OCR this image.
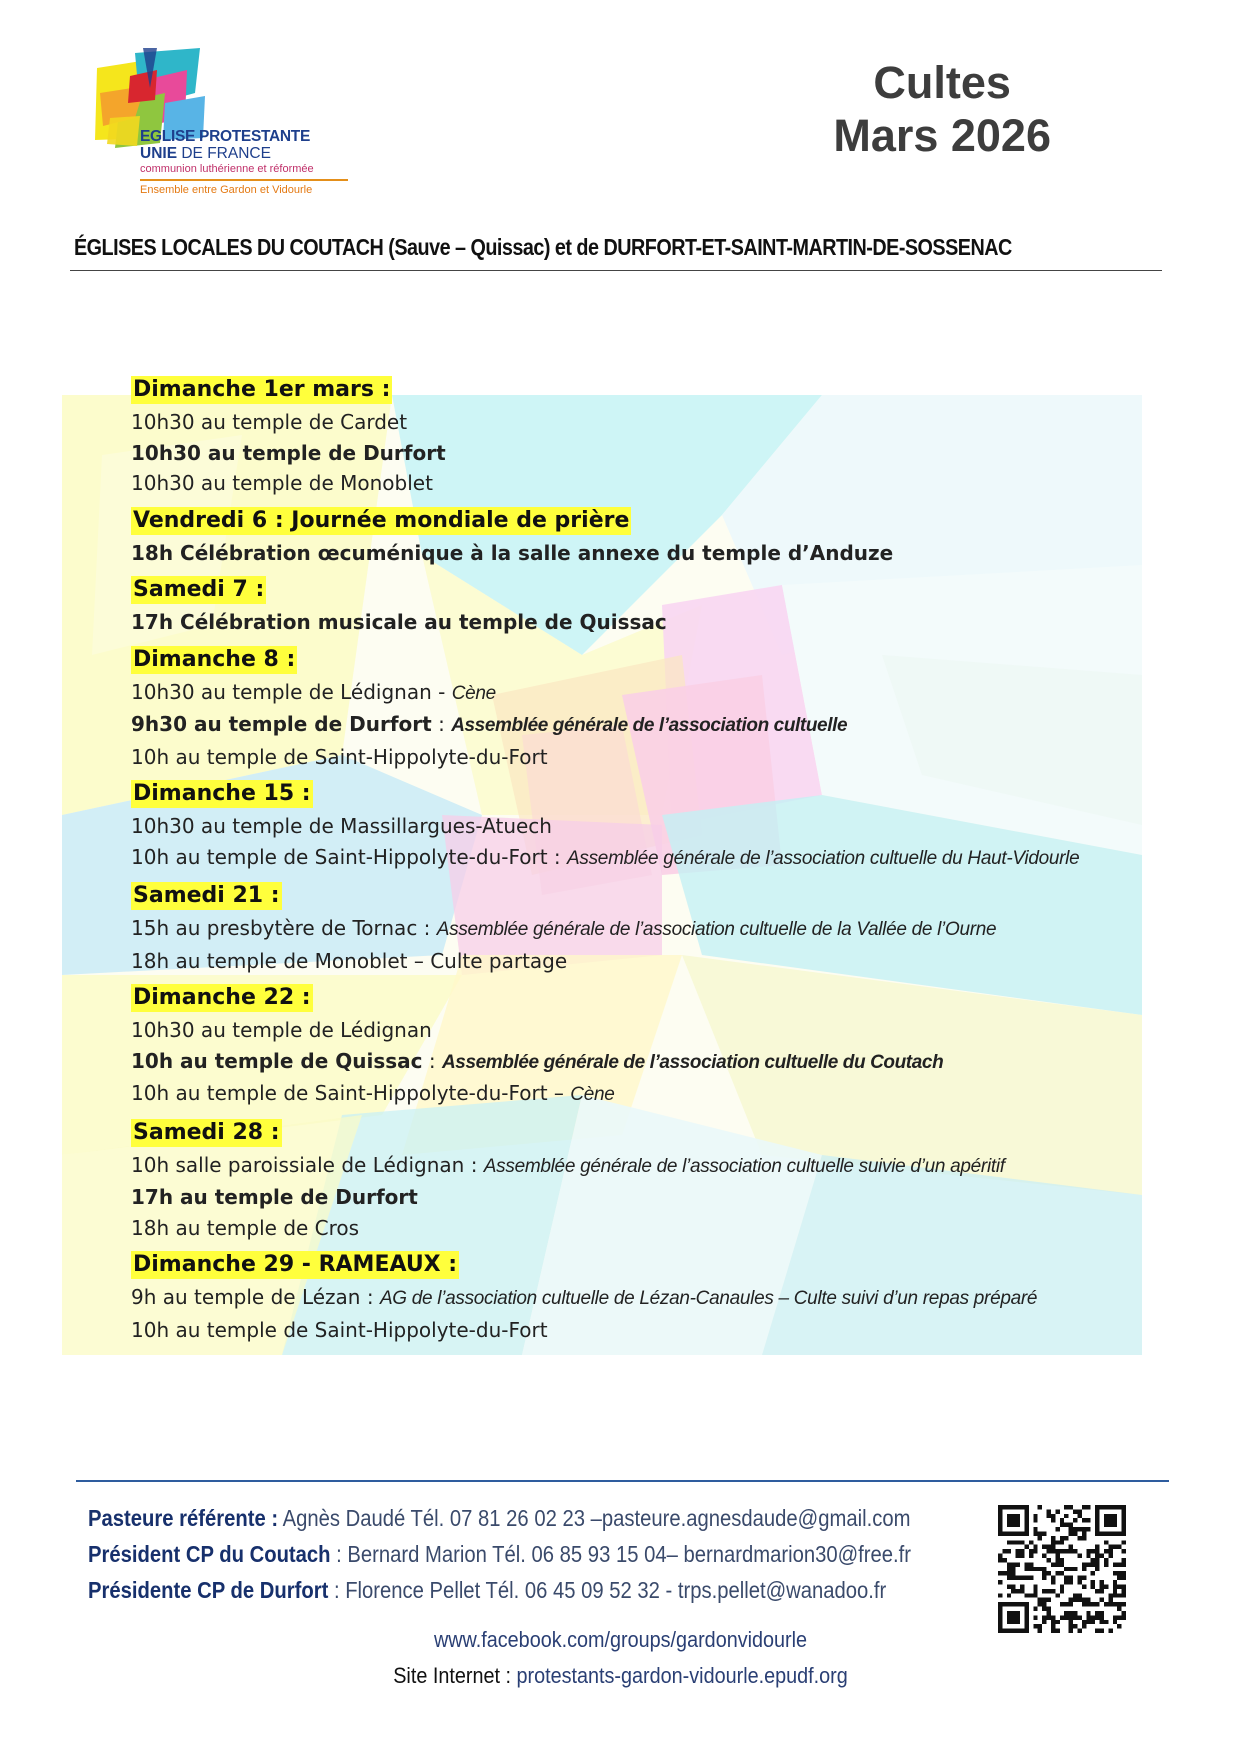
EGLISE PROTESTANTE
UNIE DE FRANCE
communion luthérienne et réformée
Ensemble entre Gardon et Vidourle
Cultes
Mars 2026
ÉGLISES LOCALES DU COUTACH (Sauve – Quissac) et de DURFORT-ET-SAINT-MARTIN-DE-SOSSENAC
Dimanche 1er mars :
10h30 au temple de Cardet
10h30 au temple de Durfort
10h30 au temple de Monoblet
Vendredi 6 : Journée mondiale de prière
18h Célébration œcuménique à la salle annexe du temple d’Anduze
Samedi 7 :
17h Célébration musicale au temple de Quissac
Dimanche 8 :
10h30 au temple de Lédignan - Cène
9h30 au temple de Durfort : Assemblée générale de l’association cultuelle
10h au temple de Saint-Hippolyte-du-Fort
Dimanche 15 :
10h30 au temple de Massillargues-Atuech
10h au temple de Saint-Hippolyte-du-Fort : Assemblée générale de l’association cultuelle du Haut-Vidourle
Samedi 21 :
15h au presbytère de Tornac : Assemblée générale de l’association cultuelle de la Vallée de l’Ourne
18h au temple de Monoblet – Culte partage
Dimanche 22 :
10h30 au temple de Lédignan
10h au temple de Quissac : Assemblée générale de l’association cultuelle du Coutach
10h au temple de Saint-Hippolyte-du-Fort – Cène
Samedi 28 :
10h salle paroissiale de Lédignan : Assemblée générale de l’association cultuelle suivie d’un apéritif
17h au temple de Durfort
18h au temple de Cros
Dimanche 29 - RAMEAUX :
9h au temple de Lézan : AG de l’association cultuelle de Lézan-Canaules – Culte suivi d’un repas préparé
10h au temple de Saint-Hippolyte-du-Fort
Pasteure référente : Agnès Daudé Tél. 07 81 26 02 23 –pasteure.agnesdaude@gmail.com
Président CP du Coutach : Bernard Marion Tél. 06 85 93 15 04– bernardmarion30@free.fr
Présidente CP de Durfort : Florence Pellet Tél. 06 45 09 52 32 - trps.pellet@wanadoo.fr
www.facebook.com/groups/gardonvidourle
Site Internet : protestants-gardon-vidourle.epudf.org
